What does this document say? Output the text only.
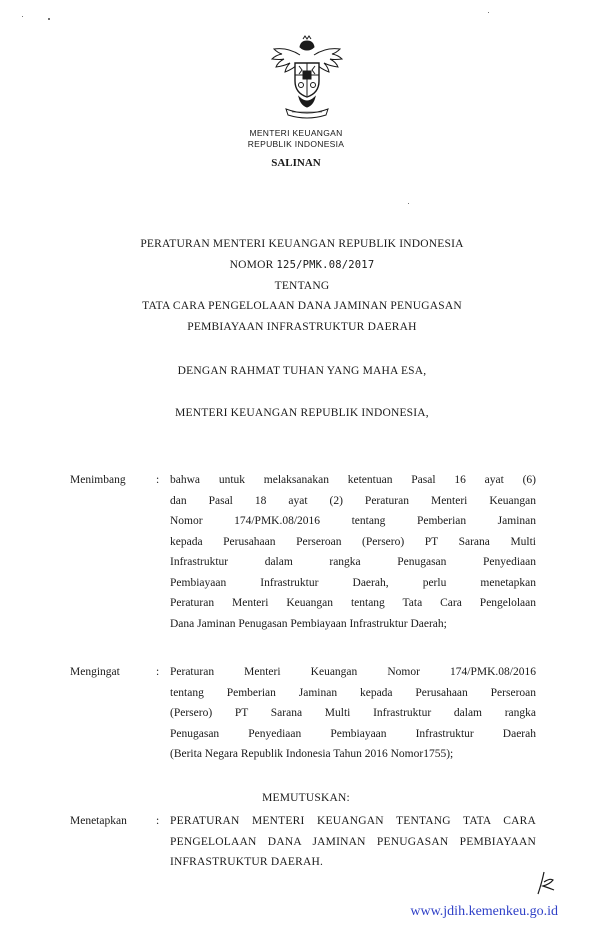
MENTERI KEUANGAN
REPUBLIK INDONESIA
SALINAN
PERATURAN MENTERI KEUANGAN REPUBLIK INDONESIA
NOMOR 125/PMK.08/2017
TENTANG
TATA CARA PENGELOLAAN DANA JAMINAN PENUGASAN
PEMBIAYAAN INFRASTRUKTUR DAERAH
DENGAN RAHMAT TUHAN YANG MAHA ESA,
MENTERI KEUANGAN REPUBLIK INDONESIA,
Menimbang	: bahwa untuk melaksanakan ketentuan Pasal 16 ayat (6)
dan Pasal 18 ayat (2) Peraturan Menteri Keuangan
Nomor 174/PMK.08/2016 tentang Pemberian Jaminan
kepada Perusahaan Perseroan (Persero) PT Sarana Multi
Infrastruktur dalam rangka Penugasan Penyediaan
Pembiayaan Infrastruktur Daerah, perlu menetapkan
Peraturan Menteri Keuangan tentang Tata Cara Pengelolaan
Dana Jaminan Penugasan Pembiayaan Infrastruktur Daerah;
Mengingat	: Peraturan Menteri Keuangan Nomor 174/PMK.08/2016
tentang Pemberian Jaminan kepada Perusahaan Perseroan
(Persero) PT Sarana Multi Infrastruktur dalam rangka
Penugasan Penyediaan Pembiayaan Infrastruktur Daerah
(Berita Negara Republik Indonesia Tahun 2016 Nomor1755);
MEMUTUSKAN:
Menetapkan	: PERATURAN MENTERI KEUANGAN TENTANG TATA CARA
PENGELOLAAN DANA JAMINAN PENUGASAN PEMBIAYAAN
INFRASTRUKTUR DAERAH.
www.jdih.kemenkeu.go.id
